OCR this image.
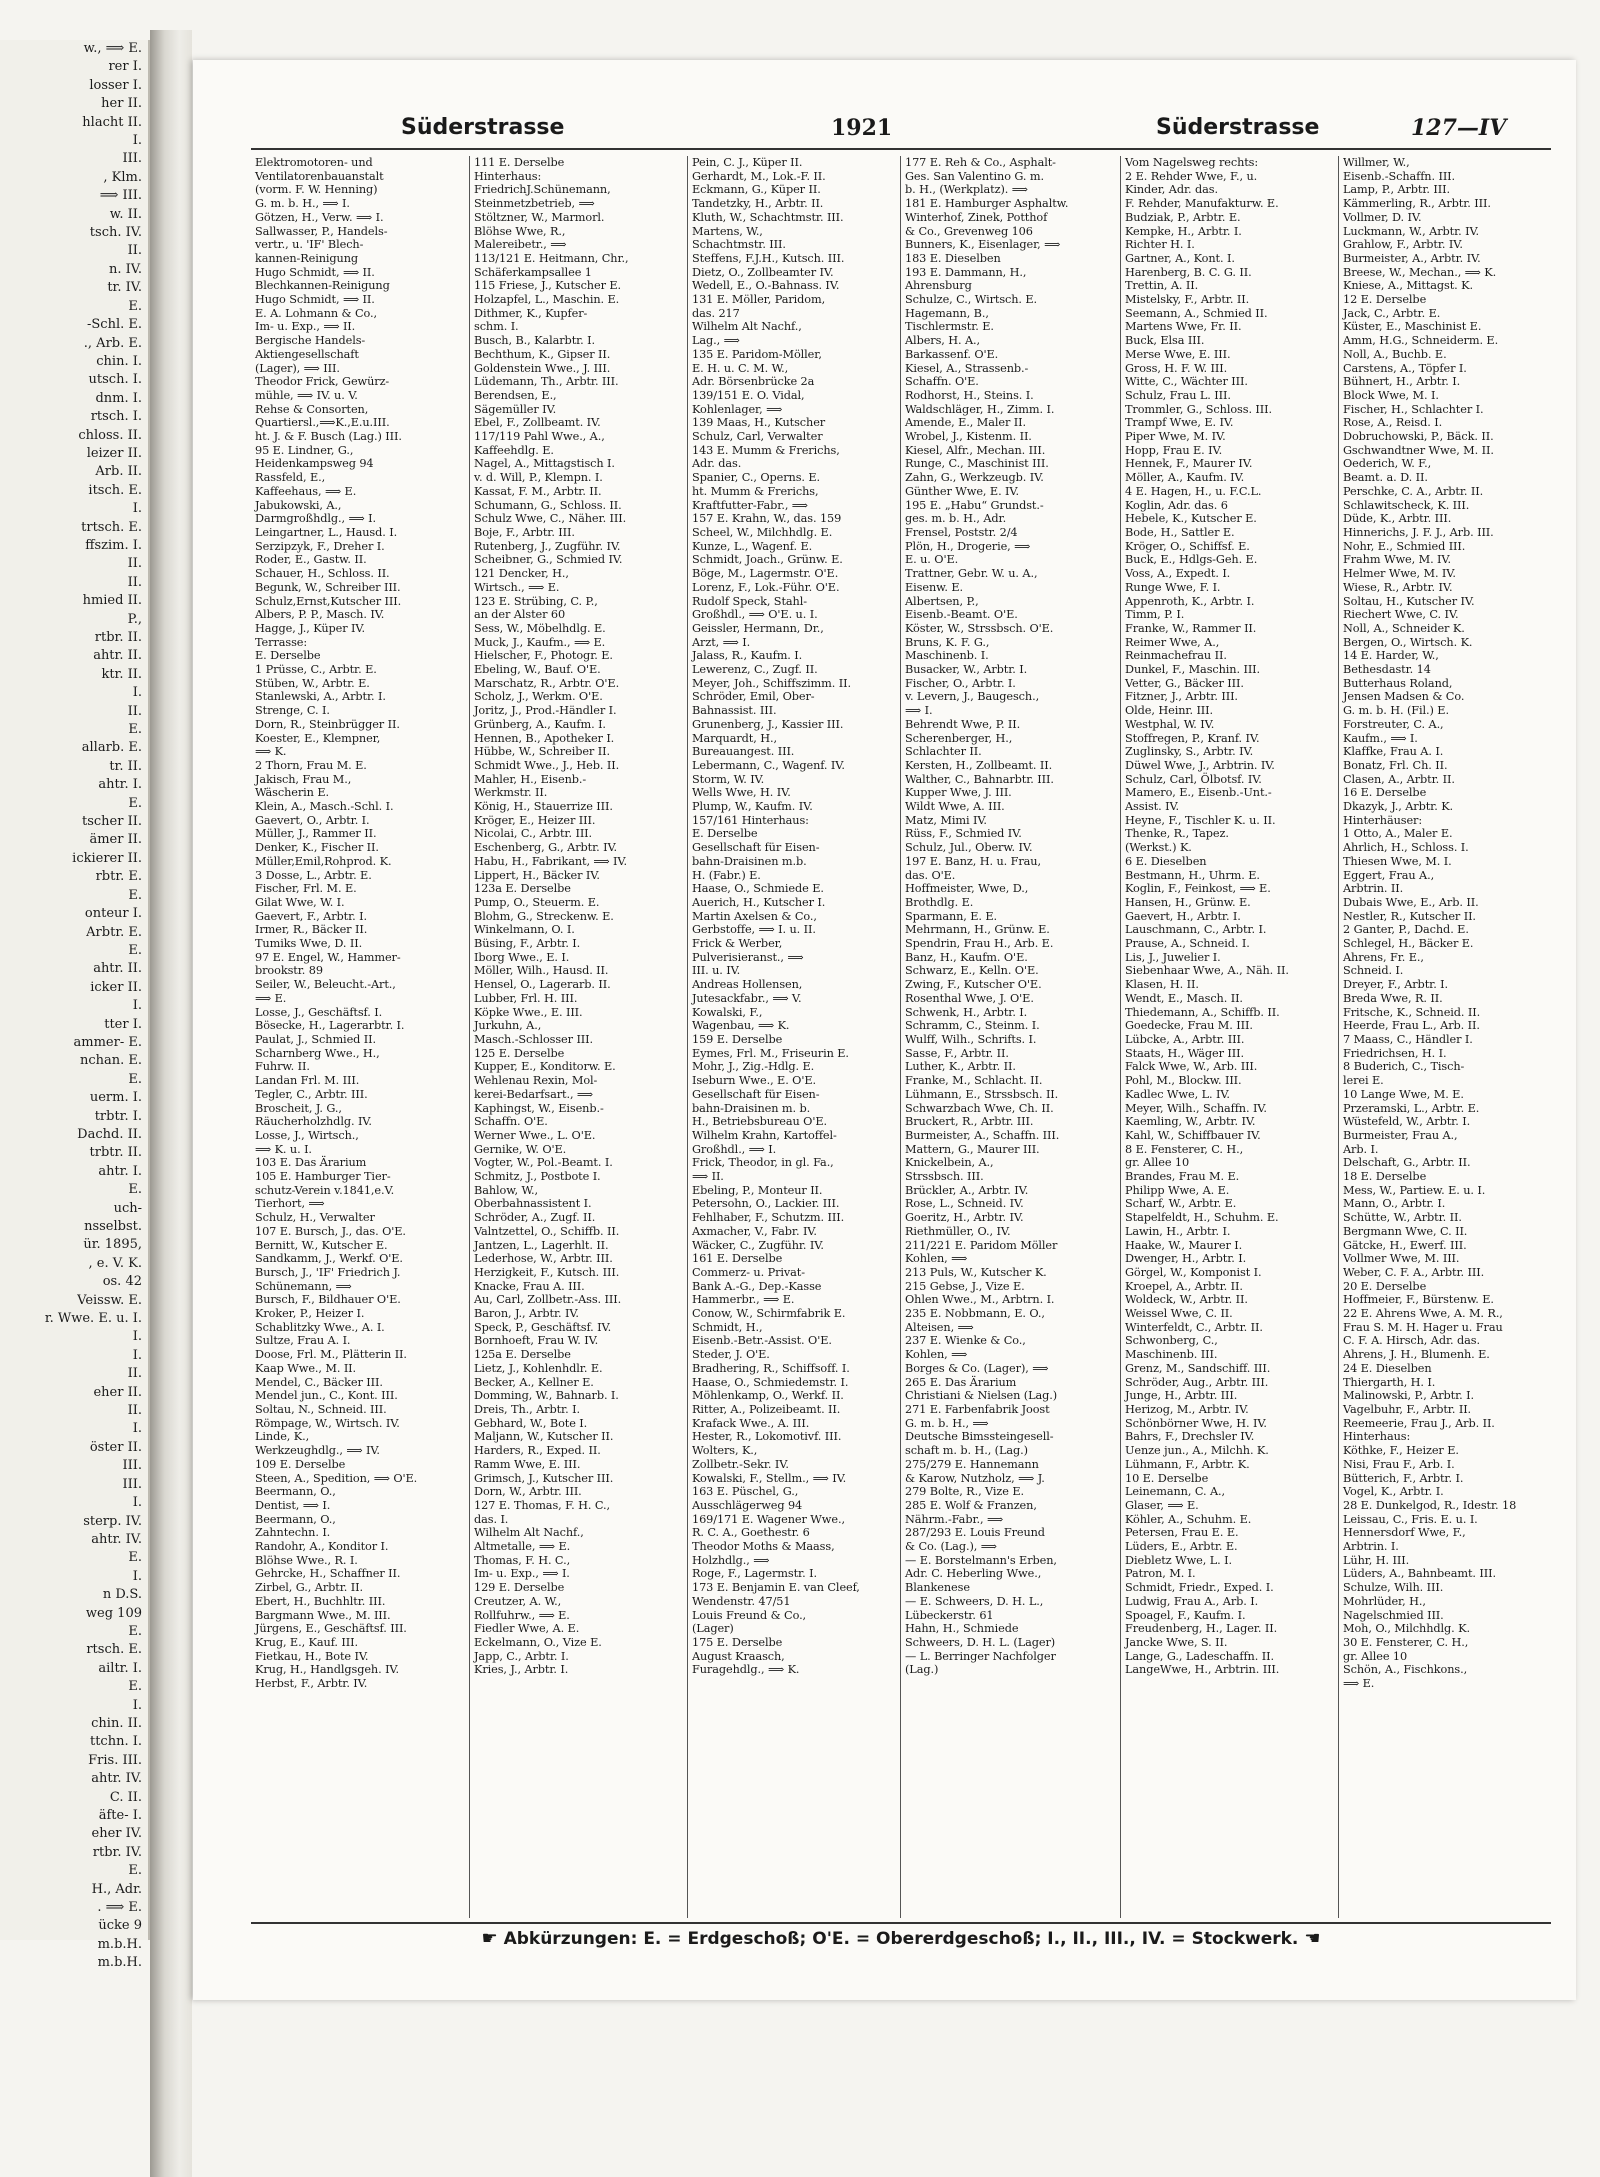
w., ⟹ E.
rer I.
losser I.
her II.
hlacht II.
I.
III.
, Klm.
⟹ III.
w. II.
tsch. IV.
II.
n. IV.
tr. IV.
E.
-Schl. E.
., Arb. E.
chin. I.
utsch. I.
dnm. I.
rtsch. I.
chloss. II.
leizer II.
Arb. II.
itsch. E.
I.
trtsch. E.
ffszim. I.
II.
II.
hmied II.
P.,
rtbr. II.
ahtr. II.
ktr. II.
I.
II.
E.
allarb. E.
tr. II.
ahtr. I.
E.
tscher II.
ämer II.
ickierer II.
rbtr. E.
E.
onteur I.
Arbtr. E.
E.
ahtr. II.
icker II.
I.
tter I.
ammer- E.
nchan. E.
E.
uerm. I.
trbtr. I.
Dachd. II.
trbtr. II.
ahtr. I.
E.
uch-
nsselbst.
ür. 1895,
, e. V. K.
os. 42
Veissw. E.
r. Wwe. E. u. I.
I.
I.
II.
eher II.
II.
I.
öster II.
III.
III.
I.
sterp. IV.
ahtr. IV.
E.
I.
n D.S.
weg 109
E.
rtsch. E.
ailtr. I.
E.
I.
chin. II.
ttchn. I.
Fris. III.
ahtr. IV.
C. II.
äfte- I.
eher IV.
rtbr. IV.
E.
H., Adr.
. ⟹ E.
ücke 9
m.b.H.
m.b.H.
Süderstrasse	1921	Süderstrasse	127—IV
Elektromotoren- und
Ventilatorenbauanstalt
(vorm. F. W. Henning)
G. m. b. H., ⟹ I.
Götzen, H., Verw. ⟹ I.
Sallwasser, P., Handels-
vertr., u. 'IF' Blech-
kannen-Reinigung
Hugo Schmidt, ⟹ II.
Blechkannen-Reinigung
Hugo Schmidt, ⟹ II.
E. A. Lohmann & Co.,
Im- u. Exp., ⟹ II.
Bergische Handels-
Aktiengesellschaft
(Lager), ⟹ III.
Theodor Frick, Gewürz-
mühle, ⟹ IV. u. V.
Rehse & Consorten,
Quartiersl.,⟹K.,E.u.III.
ht. J. & F. Busch (Lag.) III.
95 E. Lindner, G.,
Heidenkampsweg 94
Rassfeld, E.,
Kaffeehaus, ⟹ E.
Jabukowski, A.,
Darmgroßhdlg., ⟹ I.
Leingartner, L., Hausd. I.
Serzipzyk, F., Dreher I.
Roder, E., Gastw. II.
Schauer, H., Schloss. II.
Begunk, W., Schreiber III.
Schulz,Ernst,Kutscher III.
Albers, P. P., Masch. IV.
Hagge, J., Küper IV.
Terrasse:
E. Derselbe
1 Prüsse, C., Arbtr. E.
Stüben, W., Arbtr. E.
Stanlewski, A., Arbtr. I.
Strenge, C. I.
Dorn, R., Steinbrügger II.
Koester, E., Klempner,
⟹ K.
2 Thorn, Frau M. E.
Jakisch, Frau M.,
Wäscherin E.
Klein, A., Masch.-Schl. I.
Gaevert, O., Arbtr. I.
Müller, J., Rammer II.
Denker, K., Fischer II.
Müller,Emil,Rohprod. K.
3 Dosse, L., Arbtr. E.
Fischer, Frl. M. E.
Gilat Wwe, W. I.
Gaevert, F., Arbtr. I.
Irmer, R., Bäcker II.
Tumiks Wwe, D. II.
97 E. Engel, W., Hammer-
brookstr. 89
Seiler, W., Beleucht.-Art.,
⟹ E.
Losse, J., Geschäftsf. I.
Bösecke, H., Lagerarbtr. I.
Paulat, J., Schmied II.
Scharnberg Wwe., H.,
Fuhrw. II.
Landan Frl. M. III.
Tegler, C., Arbtr. III.
Broscheit, J. G.,
Räucherholzhdlg. IV.
Losse, J., Wirtsch.,
⟹ K. u. I.
103 E. Das Ärarium
105 E. Hamburger Tier-
schutz-Verein v.1841,e.V.
Tierhort, ⟹
Schulz, H., Verwalter
107 E. Bursch, J., das. O'E.
Bernitt, W., Kutscher E.
Sandkamm, J., Werkf. O'E.
Bursch, J., 'IF' Friedrich J.
Schünemann, ⟹
Bursch, F., Bildhauer O'E.
Kroker, P., Heizer I.
Schablitzky Wwe., A. I.
Sultze, Frau A. I.
Doose, Frl. M., Plätterin II.
Kaap Wwe., M. II.
Mendel, C., Bäcker III.
Mendel jun., C., Kont. III.
Soltau, N., Schneid. III.
Römpage, W., Wirtsch. IV.
Linde, K.,
Werkzeughdlg., ⟹ IV.
109 E. Derselbe
Steen, A., Spedition, ⟹ O'E.
Beermann, O.,
Dentist, ⟹ I.
Beermann, O.,
Zahntechn. I.
Randohr, A., Konditor I.
Blöhse Wwe., R. I.
Gehrcke, H., Schaffner II.
Zirbel, G., Arbtr. II.
Ebert, H., Buchhltr. III.
Bargmann Wwe., M. III.
Jürgens, E., Geschäftsf. III.
Krug, E., Kauf. III.
Fietkau, H., Bote IV.
Krug, H., Handlgsgeh. IV.
Herbst, F., Arbtr. IV.
111 E. Derselbe
Hinterhaus:
FriedrichJ.Schünemann,
Steinmetzbetrieb, ⟹
Stöltzner, W., Marmorl.
Blöhse Wwe, R.,
Malereibetr., ⟹
113/121 E. Heitmann, Chr.,
Schäferkampsallee 1
115 Friese, J., Kutscher E.
Holzapfel, L., Maschin. E.
Dithmer, K., Kupfer-
schm. I.
Busch, B., Kalarbtr. I.
Bechthum, K., Gipser II.
Goldenstein Wwe., J. III.
Lüdemann, Th., Arbtr. III.
Berendsen, E.,
Sägemüller IV.
Ebel, F., Zollbeamt. IV.
117/119 Pahl Wwe., A.,
Kaffeehdlg. E.
Nagel, A., Mittagstisch I.
v. d. Will, P., Klempn. I.
Kassat, F. M., Arbtr. II.
Schumann, G., Schloss. II.
Schulz Wwe, C., Näher. III.
Boje, F., Arbtr. III.
Rutenberg, J., Zugführ. IV.
Scheibner, G., Schmied IV.
121 Dencker, H.,
Wirtsch., ⟹ E.
123 E. Strübing, C. P.,
an der Alster 60
Sess, W., Möbelhdlg. E.
Muck, J., Kaufm., ⟹ E.
Hielscher, F., Photogr. E.
Ebeling, W., Bauf. O'E.
Marschatz, R., Arbtr. O'E.
Scholz, J., Werkm. O'E.
Joritz, J., Prod.-Händler I.
Grünberg, A., Kaufm. I.
Hennen, B., Apotheker I.
Hübbe, W., Schreiber II.
Schmidt Wwe., J., Heb. II.
Mahler, H., Eisenb.-
Werkmstr. II.
König, H., Stauerrize III.
Kröger, E., Heizer III.
Nicolai, C., Arbtr. III.
Eschenberg, G., Arbtr. IV.
Habu, H., Fabrikant, ⟹ IV.
Lippert, H., Bäcker IV.
123a E. Derselbe
Pump, O., Steuerm. E.
Blohm, G., Streckenw. E.
Winkelmann, O. I.
Büsing, F., Arbtr. I.
Iborg Wwe., E. I.
Möller, Wilh., Hausd. II.
Hensel, O., Lagerarb. II.
Lubber, Frl. H. III.
Köpke Wwe., E. III.
Jurkuhn, A.,
Masch.-Schlosser III.
125 E. Derselbe
Kupper, E., Konditorw. E.
Wehlenau Rexin, Mol-
kerei-Bedarfsart., ⟹
Kaphingst, W., Eisenb.-
Schaffn. O'E.
Werner Wwe., L. O'E.
Gernike, W. O'E.
Vogter, W., Pol.-Beamt. I.
Schmitz, J., Postbote I.
Bahlow, W.,
Oberbahnassistent I.
Schröder, A., Zugf. II.
Valntzettel, O., Schiffb. II.
Jantzen, L., Lagerhlt. II.
Lederhose, W., Arbtr. III.
Herzigkeit, F., Kutsch. III.
Knacke, Frau A. III.
Au, Carl, Zollbetr.-Ass. III.
Baron, J., Arbtr. IV.
Speck, P., Geschäftsf. IV.
Bornhoeft, Frau W. IV.
125a E. Derselbe
Lietz, J., Kohlenhdlr. E.
Becker, A., Kellner E.
Domming, W., Bahnarb. I.
Dreis, Th., Arbtr. I.
Gebhard, W., Bote I.
Maljann, W., Kutscher II.
Harders, R., Exped. II.
Ramm Wwe, E. III.
Grimsch, J., Kutscher III.
Dorn, W., Arbtr. III.
127 E. Thomas, F. H. C.,
das. I.
Wilhelm Alt Nachf.,
Altmetalle, ⟹ E.
Thomas, F. H. C.,
Im- u. Exp., ⟹ I.
129 E. Derselbe
Creutzer, A. W.,
Rollfuhrw., ⟹ E.
Fiedler Wwe, A. E.
Eckelmann, O., Vize E.
Japp, C., Arbtr. I.
Kries, J., Arbtr. I.
Pein, C. J., Küper II.
Gerhardt, M., Lok.-F. II.
Eckmann, G., Küper II.
Tandetzky, H., Arbtr. II.
Kluth, W., Schachtmstr. III.
Martens, W.,
Schachtmstr. III.
Steffens, F.J.H., Kutsch. III.
Dietz, O., Zollbeamter IV.
Wedell, E., O.-Bahnass. IV.
131 E. Möller, Paridom,
das. 217
Wilhelm Alt Nachf.,
Lag., ⟹
135 E. Paridom-Möller,
E. H. u. C. M. W.,
Adr. Börsenbrücke 2a
139/151 E. O. Vidal,
Kohlenlager, ⟹
139 Maas, H., Kutscher
Schulz, Carl, Verwalter
143 E. Mumm & Frerichs,
Adr. das.
Spanier, C., Operns. E.
ht. Mumm & Frerichs,
Kraftfutter-Fabr., ⟹
157 E. Krahn, W., das. 159
Scheel, W., Milchhdlg. E.
Kunze, L., Wagenf. E.
Schmidt, Joach., Grünw. E.
Böge, M., Lagermstr. O'E.
Lorenz, F., Lok.-Führ. O'E.
Rudolf Speck, Stahl-
Großhdl., ⟹ O'E. u. I.
Geissler, Hermann, Dr.,
Arzt, ⟹ I.
Jalass, R., Kaufm. I.
Lewerenz, C., Zugf. II.
Meyer, Joh., Schiffszimm. II.
Schröder, Emil, Ober-
Bahnassist. III.
Grunenberg, J., Kassier III.
Marquardt, H.,
Bureauangest. III.
Lebermann, C., Wagenf. IV.
Storm, W. IV.
Wells Wwe, H. IV.
Plump, W., Kaufm. IV.
157/161 Hinterhaus:
E. Derselbe
Gesellschaft für Eisen-
bahn-Draisinen m.b.
H. (Fabr.) E.
Haase, O., Schmiede E.
Auerich, H., Kutscher I.
Martin Axelsen & Co.,
Gerbstoffe, ⟹ I. u. II.
Frick & Werber,
Pulverisieranst., ⟹
III. u. IV.
Andreas Hollensen,
Jutesackfabr., ⟹ V.
Kowalski, F.,
Wagenbau, ⟹ K.
159 E. Derselbe
Eymes, Frl. M., Friseurin E.
Mohr, J., Zig.-Hdlg. E.
Iseburn Wwe., E. O'E.
Gesellschaft für Eisen-
bahn-Draisinen m. b.
H., Betriebsbureau O'E.
Wilhelm Krahn, Kartoffel-
Großhdl., ⟹ I.
Frick, Theodor, in gl. Fa.,
⟹ II.
Ebeling, P., Monteur II.
Petersohn, O., Lackier. III.
Fehlhaber, F., Schutzm. III.
Axmacher, V., Fabr. IV.
Wäcker, C., Zugführ. IV.
161 E. Derselbe
Commerz- u. Privat-
Bank A.-G., Dep.-Kasse
Hammerbr., ⟹ E.
Conow, W., Schirmfabrik E.
Schmidt, H.,
Eisenb.-Betr.-Assist. O'E.
Steder, J. O'E.
Bradhering, R., Schiffsoff. I.
Haase, O., Schmiedemstr. I.
Möhlenkamp, O., Werkf. II.
Ritter, A., Polizeibeamt. II.
Krafack Wwe., A. III.
Hester, R., Lokomotivf. III.
Wolters, K.,
Zollbetr.-Sekr. IV.
Kowalski, F., Stellm., ⟹ IV.
163 E. Püschel, G.,
Ausschlägerweg 94
169/171 E. Wagener Wwe.,
R. C. A., Goethestr. 6
Theodor Moths & Maass,
Holzhdlg., ⟹
Roge, F., Lagermstr. I.
173 E. Benjamin E. van Cleef,
Wendenstr. 47/51
Louis Freund & Co.,
(Lager)
175 E. Derselbe
August Kraasch,
Furagehdlg., ⟹ K.
177 E. Reh & Co., Asphalt-
Ges. San Valentino G. m.
b. H., (Werkplatz). ⟹
181 E. Hamburger Asphaltw.
Winterhof, Zinek, Potthof
& Co., Grevenweg 106
Bunners, K., Eisenlager, ⟹
183 E. Dieselben
193 E. Dammann, H.,
Ahrensburg
Schulze, C., Wirtsch. E.
Hagemann, B.,
Tischlermstr. E.
Albers, H. A.,
Barkassenf. O'E.
Kiesel, A., Strassenb.-
Schaffn. O'E.
Rodhorst, H., Steins. I.
Waldschläger, H., Zimm. I.
Amende, E., Maler II.
Wrobel, J., Kistenm. II.
Kiesel, Alfr., Mechan. III.
Runge, C., Maschinist III.
Zahn, G., Werkzeugb. IV.
Günther Wwe, E. IV.
195 E. „Habu“ Grundst.-
ges. m. b. H., Adr.
Frensel, Poststr. 2/4
Plön, H., Drogerie, ⟹
E. u. O'E.
Trattner, Gebr. W. u. A.,
Eisenw. E.
Albertsen, P.,
Eisenb.-Beamt. O'E.
Köster, W., Strssbsch. O'E.
Bruns, K. F. G.,
Maschinenb. I.
Busacker, W., Arbtr. I.
Fischer, O., Arbtr. I.
v. Levern, J., Baugesch.,
⟹ I.
Behrendt Wwe, P. II.
Scherenberger, H.,
Schlachter II.
Kersten, H., Zollbeamt. II.
Walther, C., Bahnarbtr. III.
Kupper Wwe, J. III.
Wildt Wwe, A. III.
Matz, Mimi IV.
Rüss, F., Schmied IV.
Schulz, Jul., Oberw. IV.
197 E. Banz, H. u. Frau,
das. O'E.
Hoffmeister, Wwe, D.,
Brothdlg. E.
Sparmann, E. E.
Mehrmann, H., Grünw. E.
Spendrin, Frau H., Arb. E.
Banz, H., Kaufm. O'E.
Schwarz, E., Kelln. O'E.
Zwing, F., Kutscher O'E.
Rosenthal Wwe, J. O'E.
Schwenk, H., Arbtr. I.
Schramm, C., Steinm. I.
Wulff, Wilh., Schrifts. I.
Sasse, F., Arbtr. II.
Luther, K., Arbtr. II.
Franke, M., Schlacht. II.
Lühmann, E., Strssbsch. II.
Schwarzbach Wwe, Ch. II.
Bruckert, R., Arbtr. III.
Burmeister, A., Schaffn. III.
Mattern, G., Maurer III.
Knickelbein, A.,
Strssbsch. III.
Brückler, A., Arbtr. IV.
Rose, L., Schneid. IV.
Goeritz, H., Arbtr. IV.
Riethmüller, O., IV.
211/221 E. Paridom Möller
Kohlen, ⟹
213 Puls, W., Kutscher K.
215 Gebse, J., Vize E.
Ohlen Wwe., M., Arbtrn. I.
235 E. Nobbmann, E. O.,
Alteisen, ⟹
237 E. Wienke & Co.,
Kohlen, ⟹
Borges & Co. (Lager), ⟹
265 E. Das Ärarium
Christiani & Nielsen (Lag.)
271 E. Farbenfabrik Joost
G. m. b. H., ⟹
Deutsche Bimssteingesell-
schaft m. b. H., (Lag.)
275/279 E. Hannemann
& Karow, Nutzholz, ⟹ J.
279 Bolte, R., Vize E.
285 E. Wolf & Franzen,
Nährm.-Fabr., ⟹
287/293 E. Louis Freund
& Co. (Lag.), ⟹
— E. Borstelmann's Erben,
Adr. C. Heberling Wwe.,
Blankenese
— E. Schweers, D. H. L.,
Lübeckerstr. 61
Hahn, H., Schmiede
Schweers, D. H. L. (Lager)
— L. Berringer Nachfolger
(Lag.)
Vom Nagelsweg rechts:
2 E. Rehder Wwe, F., u.
Kinder, Adr. das.
F. Rehder, Manufakturw. E.
Budziak, P., Arbtr. E.
Kempke, H., Arbtr. I.
Richter H. I.
Gartner, A., Kont. I.
Harenberg, B. C. G. II.
Trettin, A. II.
Mistelsky, F., Arbtr. II.
Seemann, A., Schmied II.
Martens Wwe, Fr. II.
Buck, Elsa III.
Merse Wwe, E. III.
Gross, H. F. W. III.
Witte, C., Wächter III.
Schulz, Frau L. III.
Trommler, G., Schloss. III.
Trampf Wwe, E. IV.
Piper Wwe, M. IV.
Hopp, Frau E. IV.
Hennek, F., Maurer IV.
Möller, A., Kaufm. IV.
4 E. Hagen, H., u. F.C.L.
Koglin, Adr. das. 6
Hebele, K., Kutscher E.
Bode, H., Sattler E.
Kröger, O., Schiffsf. E.
Buck, E., Hdlgs-Geh. E.
Voss, A., Expedt. I.
Runge Wwe, F. I.
Appenroth, K., Arbtr. I.
Timm, P. I.
Franke, W., Rammer II.
Reimer Wwe, A.,
Reinmachefrau II.
Dunkel, F., Maschin. III.
Vetter, G., Bäcker III.
Fitzner, J., Arbtr. III.
Olde, Heinr. III.
Westphal, W. IV.
Stoffregen, P., Kranf. IV.
Zuglinsky, S., Arbtr. IV.
Düwel Wwe, J., Arbtrin. IV.
Schulz, Carl, Ölbotsf. IV.
Mamero, E., Eisenb.-Unt.-
Assist. IV.
Heyne, F., Tischler K. u. II.
Thenke, R., Tapez.
(Werkst.) K.
6 E. Dieselben
Bestmann, H., Uhrm. E.
Koglin, F., Feinkost, ⟹ E.
Hansen, H., Grünw. E.
Gaevert, H., Arbtr. I.
Lauschmann, C., Arbtr. I.
Prause, A., Schneid. I.
Lis, J., Juwelier I.
Siebenhaar Wwe, A., Näh. II.
Klasen, H. II.
Wendt, E., Masch. II.
Thiedemann, A., Schiffb. II.
Goedecke, Frau M. III.
Lübcke, A., Arbtr. III.
Staats, H., Wäger III.
Falck Wwe, W., Arb. III.
Pohl, M., Blockw. III.
Kadlec Wwe, L. IV.
Meyer, Wilh., Schaffn. IV.
Kaemling, W., Arbtr. IV.
Kahl, W., Schiffbauer IV.
8 E. Fensterer, C. H.,
gr. Allee 10
Brandes, Frau M. E.
Philipp Wwe, A. E.
Scharf, W., Arbtr. E.
Stapelfeldt, H., Schuhm. E.
Lawin, H., Arbtr. I.
Haake, W., Maurer I.
Dwenger, H., Arbtr. I.
Görgel, W., Komponist I.
Kroepel, A., Arbtr. II.
Woldeck, W., Arbtr. II.
Weissel Wwe, C. II.
Winterfeldt, C., Arbtr. II.
Schwonberg, C.,
Maschinenb. III.
Grenz, M., Sandschiff. III.
Schröder, Aug., Arbtr. III.
Junge, H., Arbtr. III.
Herizog, M., Arbtr. IV.
Schönbörner Wwe, H. IV.
Bahrs, F., Drechsler IV.
Uenze jun., A., Milchh. K.
Lühmann, F., Arbtr. K.
10 E. Derselbe
Leinemann, C. A.,
Glaser, ⟹ E.
Köhler, A., Schuhm. E.
Petersen, Frau E. E.
Lüders, E., Arbtr. E.
Diebletz Wwe, L. I.
Patron, M. I.
Schmidt, Friedr., Exped. I.
Ludwig, Frau A., Arb. I.
Spoagel, F., Kaufm. I.
Freudenberg, H., Lager. II.
Jancke Wwe, S. II.
Lange, G., Ladeschaffn. II.
LangeWwe, H., Arbtrin. III.
Willmer, W.,
Eisenb.-Schaffn. III.
Lamp, P., Arbtr. III.
Kämmerling, R., Arbtr. III.
Vollmer, D. IV.
Luckmann, W., Arbtr. IV.
Grahlow, F., Arbtr. IV.
Burmeister, A., Arbtr. IV.
Breese, W., Mechan., ⟹ K.
Kniese, A., Mittagst. K.
12 E. Derselbe
Jack, C., Arbtr. E.
Küster, E., Maschinist E.
Amm, H.G., Schneiderm. E.
Noll, A., Buchb. E.
Carstens, A., Töpfer I.
Bühnert, H., Arbtr. I.
Block Wwe, M. I.
Fischer, H., Schlachter I.
Rose, A., Reisd. I.
Dobruchowski, P., Bäck. II.
Gschwandtner Wwe, M. II.
Oederich, W. F.,
Beamt. a. D. II.
Perschke, C. A., Arbtr. II.
Schlawitscheck, K. III.
Düde, K., Arbtr. III.
Hinnerichs, J. F. J., Arb. III.
Nohr, E., Schmied III.
Frahm Wwe, M. IV.
Helmer Wwe, M. IV.
Wiese, R., Arbtr. IV.
Soltau, H., Kutscher IV.
Riechert Wwe, C. IV.
Noll, A., Schneider K.
Bergen, O., Wirtsch. K.
14 E. Harder, W.,
Bethesdastr. 14
Butterhaus Roland,
Jensen Madsen & Co.
G. m. b. H. (Fil.) E.
Forstreuter, C. A.,
Kaufm., ⟹ I.
Klaffke, Frau A. I.
Bonatz, Frl. Ch. II.
Clasen, A., Arbtr. II.
16 E. Derselbe
Dkazyk, J., Arbtr. K.
Hinterhäuser:
1 Otto, A., Maler E.
Ahrlich, H., Schloss. I.
Thiesen Wwe, M. I.
Eggert, Frau A.,
Arbtrin. II.
Dubais Wwe, E., Arb. II.
Nestler, R., Kutscher II.
2 Ganter, P., Dachd. E.
Schlegel, H., Bäcker E.
Ahrens, Fr. E.,
Schneid. I.
Dreyer, F., Arbtr. I.
Breda Wwe, R. II.
Fritsche, K., Schneid. II.
Heerde, Frau L., Arb. II.
7 Maass, C., Händler I.
Friedrichsen, H. I.
8 Buderich, C., Tisch-
lerei E.
10 Lange Wwe, M. E.
Przeramski, L., Arbtr. E.
Wüstefeld, W., Arbtr. I.
Burmeister, Frau A.,
Arb. I.
Delschaft, G., Arbtr. II.
18 E. Derselbe
Mess, W., Partiew. E. u. I.
Mann, O., Arbtr. I.
Schütte, W., Arbtr. II.
Bergmann Wwe, C. II.
Gätcke, H., Ewerf. III.
Vollmer Wwe, M. III.
Weber, C. F. A., Arbtr. III.
20 E. Derselbe
Hoffmeier, F., Bürstenw. E.
22 E. Ahrens Wwe, A. M. R.,
Frau S. M. H. Hager u. Frau
C. F. A. Hirsch, Adr. das.
Ahrens, J. H., Blumenh. E.
24 E. Dieselben
Thiergarth, H. I.
Malinowski, P., Arbtr. I.
Vagelbuhr, F., Arbtr. II.
Reemeerie, Frau J., Arb. II.
Hinterhaus:
Köthke, F., Heizer E.
Nisi, Frau F., Arb. I.
Bütterich, F., Arbtr. I.
Vogel, K., Arbtr. I.
28 E. Dunkelgod, R., Idestr. 18
Leissau, C., Fris. E. u. I.
Hennersdorf Wwe, F.,
Arbtrin. I.
Lühr, H. III.
Lüders, A., Bahnbeamt. III.
Schulze, Wilh. III.
Mohrlüder, H.,
Nagelschmied III.
Moh, O., Milchhdlg. K.
30 E. Fensterer, C. H.,
gr. Allee 10
Schön, A., Fischkons.,
⟹ E.
☛ Abkürzungen: E. = Erdgeschoß; O'E. = Obererdgeschoß; I., II., III., IV. = Stockwerk. ☚
